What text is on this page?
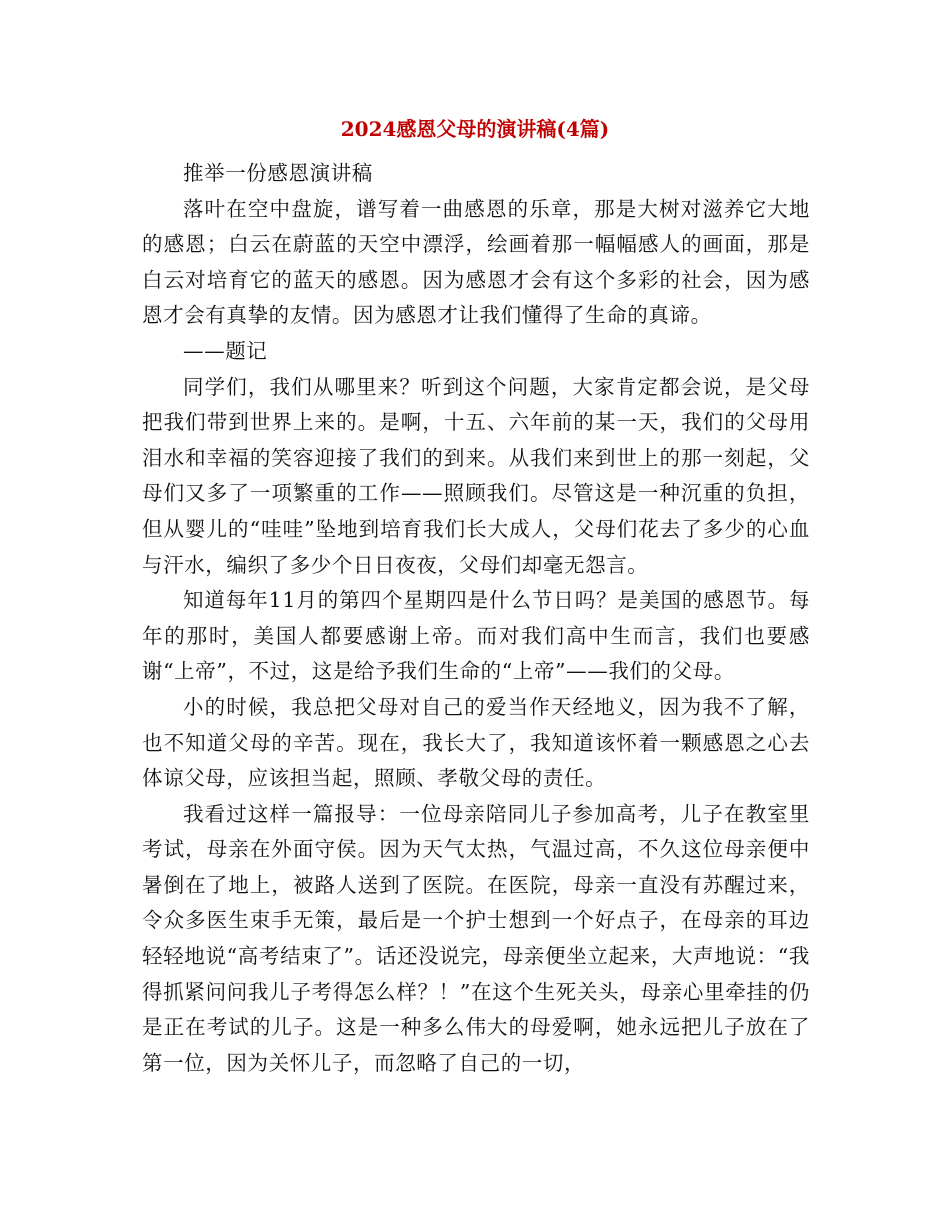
2024感恩父母的演讲稿(4篇)

推举一份感恩演讲稿

落叶在空中盘旋，谱写着一曲感恩的乐章，那是大树对滋养它大地的感恩；白云在蔚蓝的天空中漂浮，绘画着那一幅幅感人的画面，那是白云对培育它的蓝天的感恩。因为感恩才会有这个多彩的社会，因为感恩才会有真挚的友情。因为感恩才让我们懂得了生命的真谛。

——题记

同学们，我们从哪里来？听到这个问题，大家肯定都会说，是父母把我们带到世界上来的。是啊，十五、六年前的某一天，我们的父母用泪水和幸福的笑容迎接了我们的到来。从我们来到世上的那一刻起，父母们又多了一项繁重的工作——照顾我们。尽管这是一种沉重的负担，但从婴儿的“哇哇”坠地到培育我们长大成人，父母们花去了多少的心血与汗水，编织了多少个日日夜夜，父母们却毫无怨言。

知道每年11月的第四个星期四是什么节日吗？是美国的感恩节。每年的那时，美国人都要感谢上帝。而对我们高中生而言，我们也要感谢“上帝”，不过，这是给予我们生命的“上帝”——我们的父母。

小的时候，我总把父母对自己的爱当作天经地义，因为我不了解，也不知道父母的辛苦。现在，我长大了，我知道该怀着一颗感恩之心去体谅父母，应该担当起，照顾、孝敬父母的责任。

我看过这样一篇报导：一位母亲陪同儿子参加高考，儿子在教室里考试，母亲在外面守侯。因为天气太热，气温过高，不久这位母亲便中暑倒在了地上，被路人送到了医院。在医院，母亲一直没有苏醒过来，令众多医生束手无策，最后是一个护士想到一个好点子，在母亲的耳边轻轻地说“高考结束了”。话还没说完，母亲便坐立起来，大声地说：“我得抓紧问问我儿子考得怎么样？！”在这个生死关头，母亲心里牵挂的仍是正在考试的儿子。这是一种多么伟大的母爱啊，她永远把儿子放在了第一位，因为关怀儿子，而忽略了自己的一切，
